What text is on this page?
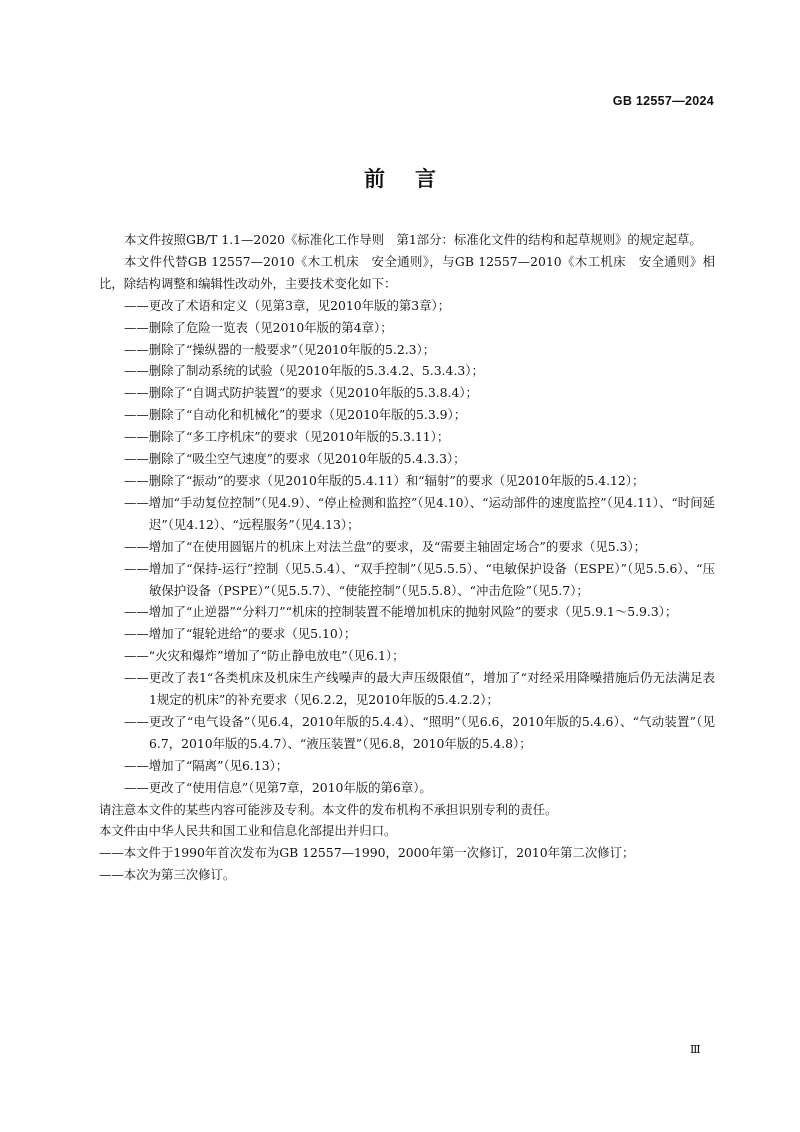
GB 12557—2024
前言

本文件按照GB/T 1.1—2020《标准化工作导则　第1部分：标准化文件的结构和起草规则》的规定起草。

本文件代替GB 12557—2010《木工机床　安全通则》，与GB 12557—2010《木工机床　安全通则》相比，除结构调整和编辑性改动外，主要技术变化如下：

——更改了术语和定义（见第3章，见2010年版的第3章）；

——删除了危险一览表（见2010年版的第4章）；

——删除了“操纵器的一般要求”（见2010年版的5.2.3）；

——删除了制动系统的试验（见2010年版的5.3.4.2、5.3.4.3）；

——删除了“自调式防护装置”的要求（见2010年版的5.3.8.4）；

——删除了“自动化和机械化”的要求（见2010年版的5.3.9）；

——删除了“多工序机床”的要求（见2010年版的5.3.11）；

——删除了“吸尘空气速度”的要求（见2010年版的5.4.3.3）；

——删除了“振动”的要求（见2010年版的5.4.11）和“辐射”的要求（见2010年版的5.4.12）；

——增加“手动复位控制”（见4.9）、“停止检测和监控”（见4.10）、“运动部件的速度监控”（见4.11）、“时间延迟”（见4.12）、“远程服务”（见4.13）；

——增加了“在使用圆锯片的机床上对法兰盘”的要求，及“需要主轴固定场合”的要求（见5.3）；

——增加了“保持-运行”控制（见5.5.4）、“双手控制”（见5.5.5）、“电敏保护设备（ESPE）”（见5.5.6）、“压敏保护设备（PSPE）”（见5.5.7）、“使能控制”（见5.5.8）、“冲击危险”（见5.7）；

——增加了“止逆器”“分料刀”“机床的控制装置不能增加机床的抛射风险”的要求（见5.9.1～5.9.3）；

——增加了“辊轮进给”的要求（见5.10）；

——“火灾和爆炸”增加了“防止静电放电”（见6.1）；

——更改了表1“各类机床及机床生产线噪声的最大声压级限值”，增加了“对经采用降噪措施后仍无法满足表1规定的机床”的补充要求（见6.2.2，见2010年版的5.4.2.2）；

——更改了“电气设备”（见6.4，2010年版的5.4.4）、“照明”（见6.6，2010年版的5.4.6）、“气动装置”（见6.7，2010年版的5.4.7）、“液压装置”（见6.8，2010年版的5.4.8）；

——增加了“隔离”（见6.13）；

——更改了“使用信息”（见第7章，2010年版的第6章）。

请注意本文件的某些内容可能涉及专利。本文件的发布机构不承担识别专利的责任。

本文件由中华人民共和国工业和信息化部提出并归口。

——本文件于1990年首次发布为GB 12557—1990，2000年第一次修订，2010年第二次修订；

——本次为第三次修订。

Ⅲ
